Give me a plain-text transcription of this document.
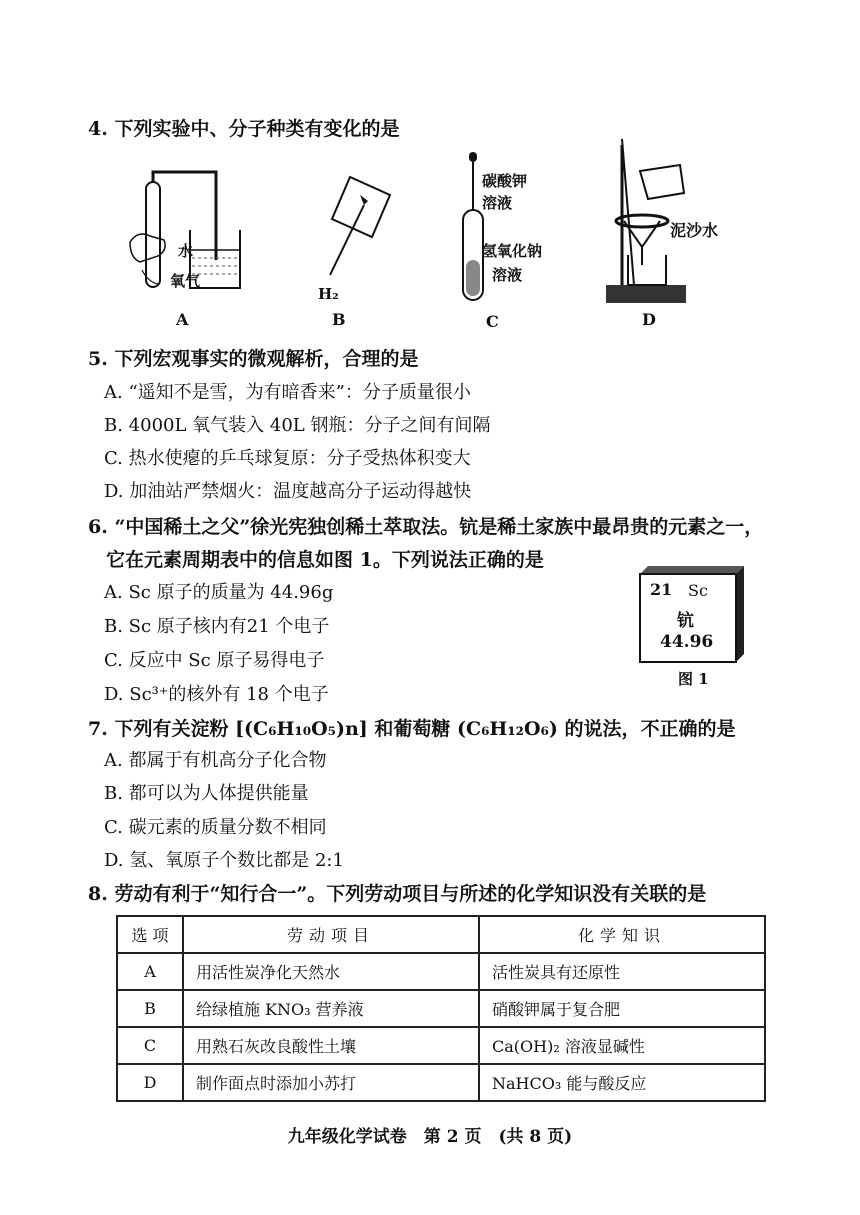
4. 下列实验中、分子种类有变化的是
水
氧气
A
H₂
B
碳酸钾
溶液
氢氧化钠
溶液
C
泥沙水
D
5. 下列宏观事实的微观解析，合理的是
A. “遥知不是雪，为有暗香来”：分子质量很小
B. 4000L 氧气装入 40L 钢瓶：分子之间有间隔
C. 热水使瘪的乒乓球复原：分子受热体积变大
D. 加油站严禁烟火：温度越高分子运动得越快
6. “中国稀土之父”徐光宪独创稀土萃取法。钪是稀土家族中最昂贵的元素之一，
它在元素周期表中的信息如图 1。下列说法正确的是
A. Sc 原子的质量为 44.96g
B. Sc 原子核内有21 个电子
C. 反应中 Sc 原子易得电子
D. Sc³⁺的核外有 18 个电子
21 Sc
钪
44.96
图 1
7. 下列有关淀粉 [(C₆H₁₀O₅)n] 和葡萄糖 (C₆H₁₂O₆) 的说法，不正确的是
A. 都属于有机高分子化合物
B. 都可以为人体提供能量
C. 碳元素的质量分数不相同
D. 氢、氧原子个数比都是 2:1
8. 劳动有利于“知行合一”。下列劳动项目与所述的化学知识没有关联的是
选 项	劳动项目	化学知识
A	用活性炭净化天然水	活性炭具有还原性
B	给绿植施 KNO₃ 营养液	硝酸钾属于复合肥
C	用熟石灰改良酸性土壤	Ca(OH)₂ 溶液显碱性
D	制作面点时添加小苏打	NaHCO₃ 能与酸反应
九年级化学试卷　第 2 页　(共 8 页)
